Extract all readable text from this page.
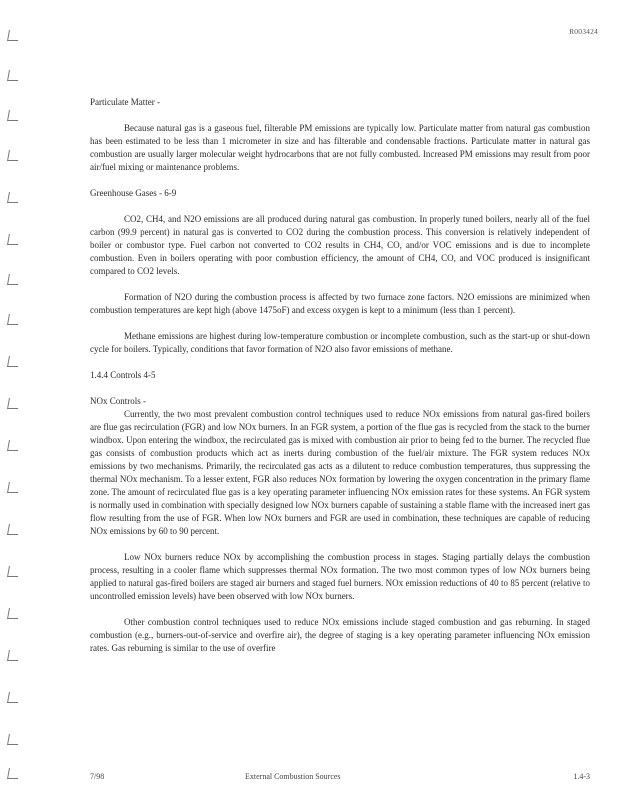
R003424
Particulate Matter -

Because natural gas is a gaseous fuel, filterable PM emissions are typically low. Particulate matter from natural gas combustion has been estimated to be less than 1 micrometer in size and has filterable and condensable fractions. Particulate matter in natural gas combustion are usually larger molecular weight hydrocarbons that are not fully combusted. Increased PM emissions may result from poor air/fuel mixing or maintenance problems.

Greenhouse Gases - 6-9

CO2, CH4, and N2O emissions are all produced during natural gas combustion. In properly tuned boilers, nearly all of the fuel carbon (99.9 percent) in natural gas is converted to CO2 during the combustion process. This conversion is relatively independent of boiler or combustor type. Fuel carbon not converted to CO2 results in CH4, CO, and/or VOC emissions and is due to incomplete combustion. Even in boilers operating with poor combustion efficiency, the amount of CH4, CO, and VOC produced is insignificant compared to CO2 levels.

Formation of N2O during the combustion process is affected by two furnace zone factors. N2O emissions are minimized when combustion temperatures are kept high (above 1475oF) and excess oxygen is kept to a minimum (less than 1 percent).

Methane emissions are highest during low-temperature combustion or incomplete combustion, such as the start-up or shut-down cycle for boilers. Typically, conditions that favor formation of N2O also favor emissions of methane.

1.4.4 Controls 4-5
NOx Controls -

Currently, the two most prevalent combustion control techniques used to reduce NOx emissions from natural gas-fired boilers are flue gas recirculation (FGR) and low NOx burners. In an FGR system, a portion of the flue gas is recycled from the stack to the burner windbox. Upon entering the windbox, the recirculated gas is mixed with combustion air prior to being fed to the burner. The recycled flue gas consists of combustion products which act as inerts during combustion of the fuel/air mixture. The FGR system reduces NOx emissions by two mechanisms. Primarily, the recirculated gas acts as a dilutent to reduce combustion temperatures, thus suppressing the thermal NOx mechanism. To a lesser extent, FGR also reduces NOx formation by lowering the oxygen concentration in the primary flame zone. The amount of recirculated flue gas is a key operating parameter influencing NOx emission rates for these systems. An FGR system is normally used in combination with specially designed low NOx burners capable of sustaining a stable flame with the increased inert gas flow resulting from the use of FGR. When low NOx burners and FGR are used in combination, these techniques are capable of reducing NOx emissions by 60 to 90 percent.

Low NOx burners reduce NOx by accomplishing the combustion process in stages. Staging partially delays the combustion process, resulting in a cooler flame which suppresses thermal NOx formation. The two most common types of low NOx burners being applied to natural gas-fired boilers are staged air burners and staged fuel burners. NOx emission reductions of 40 to 85 percent (relative to uncontrolled emission levels) have been observed with low NOx burners.

Other combustion control techniques used to reduce NOx emissions include staged combustion and gas reburning. In staged combustion (e.g., burners-out-of-service and overfire air), the degree of staging is a key operating parameter influencing NOx emission rates. Gas reburning is similar to the use of overfire

7/98	External Combustion Sources	1.4-3
